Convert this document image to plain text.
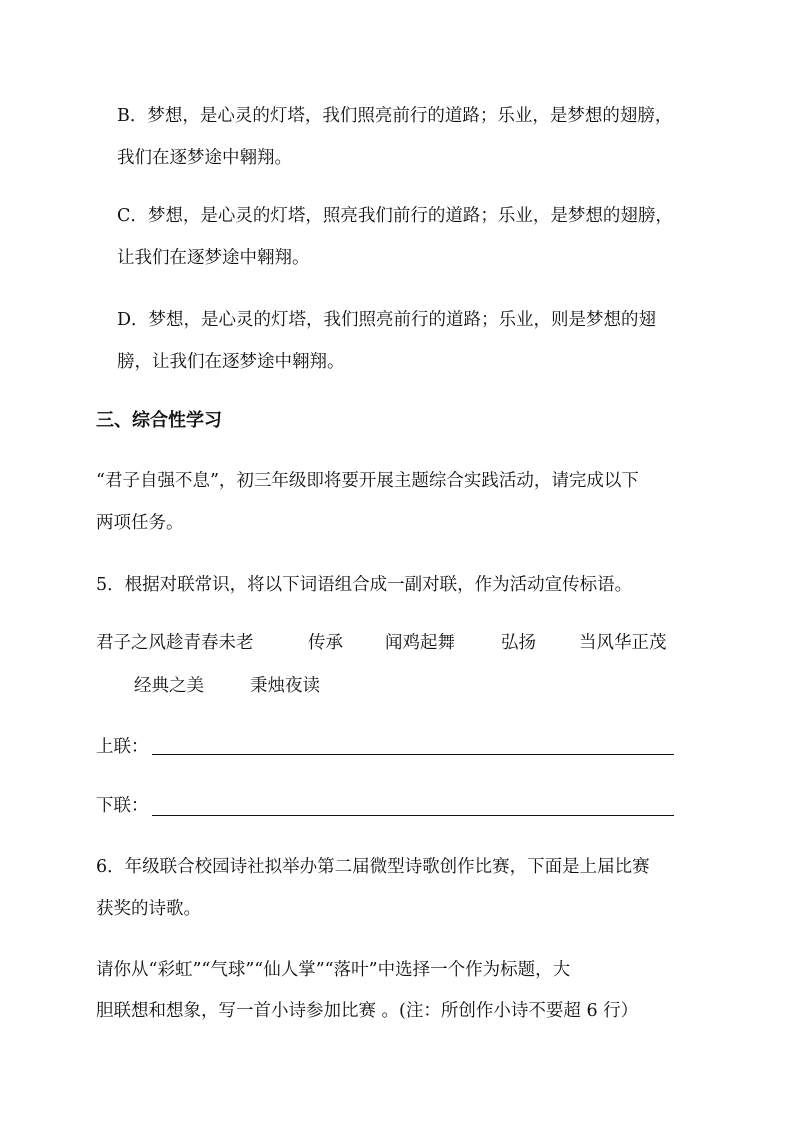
B．梦想，是心灵的灯塔，我们照亮前行的道路；乐业，是梦想的翅膀，
我们在逐梦途中翱翔。
C．梦想，是心灵的灯塔，照亮我们前行的道路；乐业，是梦想的翅膀，
让我们在逐梦途中翱翔。
D．梦想，是心灵的灯塔，我们照亮前行的道路；乐业，则是梦想的翅
膀，让我们在逐梦途中翱翔。
三、综合性学习
“君子自强不息”，初三年级即将要开展主题综合实践活动，请完成以下
两项任务。
5．根据对联常识，将以下词语组合成一副对联，作为活动宣传标语。
君子之风趁青春未老	传承 闻鸡起舞	弘扬 当风华正茂
经典之美	秉烛夜读
上联：
下联：
6．年级联合校园诗社拟举办第二届微型诗歌创作比赛，下面是上届比赛
获奖的诗歌。
请你从“彩虹”“气球”“仙人掌”“落叶”中选择一个作为标题，大
胆联想和想象，写一首小诗参加比赛 。(注：所创作小诗不要超 6 行）
